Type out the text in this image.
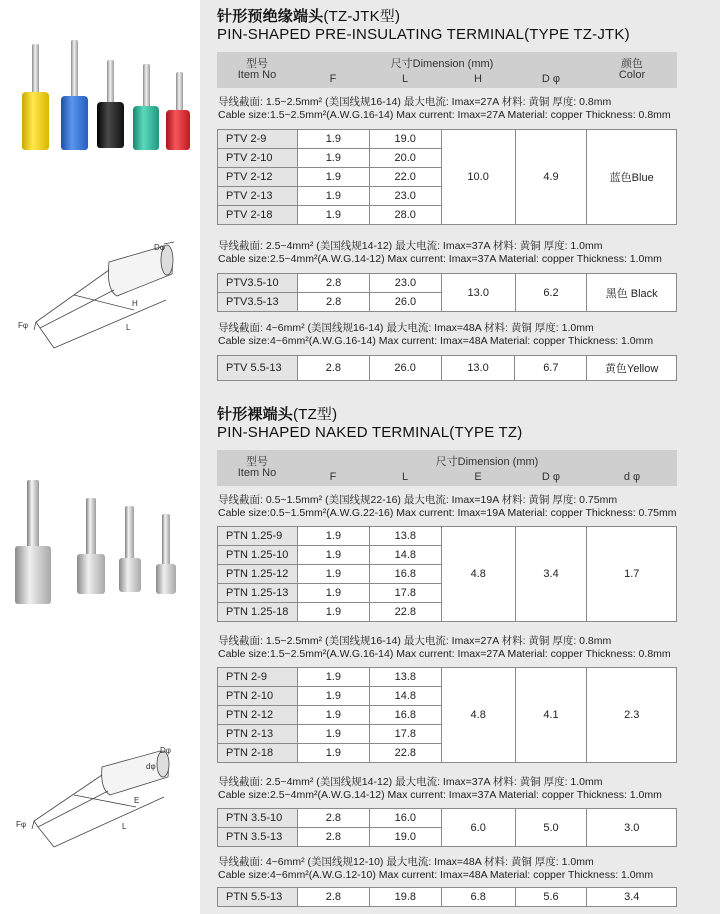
Dφ
H
L
Fφ
Dφ
dφ
E
L
Fφ
针形预绝缘端头(TZ-JTK型)
PIN-SHAPED PRE-INSULATING TERMINAL(TYPE TZ-JTK)
型号
Item No
尺寸Dimension (mm)
F	L	H	D φ
颜色
Color
导线截面: 1.5~2.5mm² (美国线规16-14) 最大电流: Imax=27A 材料: 黄铜 厚度: 0.8mm
Cable size:1.5~2.5mm²(A.W.G.16-14) Max current: Imax=27A Material: copper Thickness: 0.8mm
PTV 2-9	1.9	19.0	10.0	4.9	蓝色Blue
PTV 2-10	1.9	20.0			
PTV 2-12	1.9	22.0			
PTV 2-13	1.9	23.0			
PTV 2-18	1.9	28.0			
导线截面: 2.5~4mm² (美国线规14-12) 最大电流: Imax=37A 材料: 黄铜 厚度: 1.0mm
Cable size:2.5~4mm²(A.W.G.14-12) Max current: Imax=37A Material: copper Thickness: 1.0mm
PTV3.5-10	2.8	23.0	13.0	6.2	黑色 Black
PTV3.5-13	2.8	26.0			
导线截面: 4~6mm² (美国线规16-14) 最大电流: Imax=48A 材料: 黄铜 厚度: 1.0mm
Cable size:4~6mm²(A.W.G.16-14) Max current: Imax=48A Material: copper Thickness: 1.0mm
PTV 5.5-13	2.8	26.0	13.0	6.7	黄色Yellow
针形裸端头(TZ型)
PIN-SHAPED NAKED TERMINAL(TYPE TZ)
型号
Item No
尺寸Dimension (mm)
F	L	E	D φ	d φ
导线截面: 0.5~1.5mm² (美国线规22-16) 最大电流: Imax=19A 材料: 黄铜 厚度: 0.75mm
Cable size:0.5~1.5mm²(A.W.G.22-16) Max current: Imax=19A Material: copper Thickness: 0.75mm
PTN 1.25-9	1.9	13.8	4.8	3.4	1.7
PTN 1.25-10	1.9	14.8			
PTN 1.25-12	1.9	16.8			
PTN 1.25-13	1.9	17.8			
PTN 1.25-18	1.9	22.8			
导线截面: 1.5~2.5mm² (美国线规16-14) 最大电流: Imax=27A 材料: 黄铜 厚度: 0.8mm
Cable size:1.5~2.5mm²(A.W.G.16-14) Max current: Imax=27A Material: copper Thickness: 0.8mm
PTN 2-9	1.9	13.8	4.8	4.1	2.3
PTN 2-10	1.9	14.8			
PTN 2-12	1.9	16.8			
PTN 2-13	1.9	17.8			
PTN 2-18	1.9	22.8			
导线截面: 2.5~4mm² (美国线规14-12) 最大电流: Imax=37A 材料: 黄铜 厚度: 1.0mm
Cable size:2.5~4mm²(A.W.G.14-12) Max current: Imax=37A Material: copper Thickness: 1.0mm
PTN 3.5-10	2.8	16.0	6.0	5.0	3.0
PTN 3.5-13	2.8	19.0			
导线截面: 4~6mm² (美国线规12-10) 最大电流: Imax=48A 材料: 黄铜 厚度: 1.0mm
Cable size:4~6mm²(A.W.G.12-10) Max current: Imax=48A Material: copper Thickness: 1.0mm
PTN 5.5-13	2.8	19.8	6.8	5.6	3.4
